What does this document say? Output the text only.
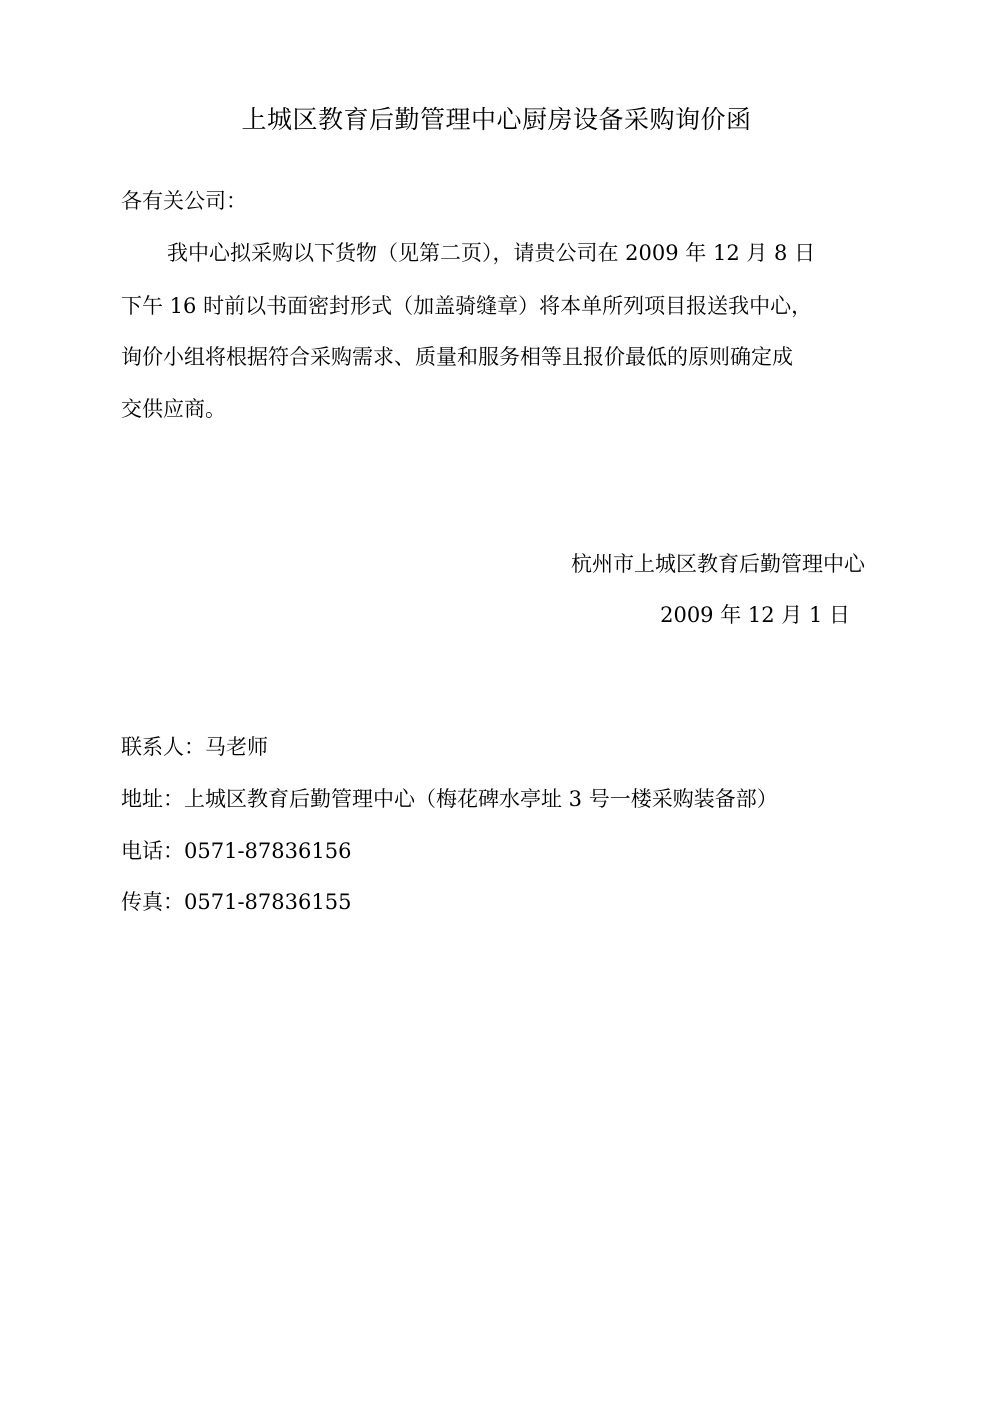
上城区教育后勤管理中心厨房设备采购询价函
各有关公司：
我中心拟采购以下货物（见第二页），请贵公司在 2009 年 12 月 8 日
下午 16 时前以书面密封形式（加盖骑缝章）将本单所列项目报送我中心，
询价小组将根据符合采购需求、质量和服务相等且报价最低的原则确定成
交供应商。
杭州市上城区教育后勤管理中心
2009 年 12 月 1 日
联系人：马老师
地址：上城区教育后勤管理中心（梅花碑水亭址 3 号一楼采购装备部）
电话：0571-87836156
传真：0571-87836155
